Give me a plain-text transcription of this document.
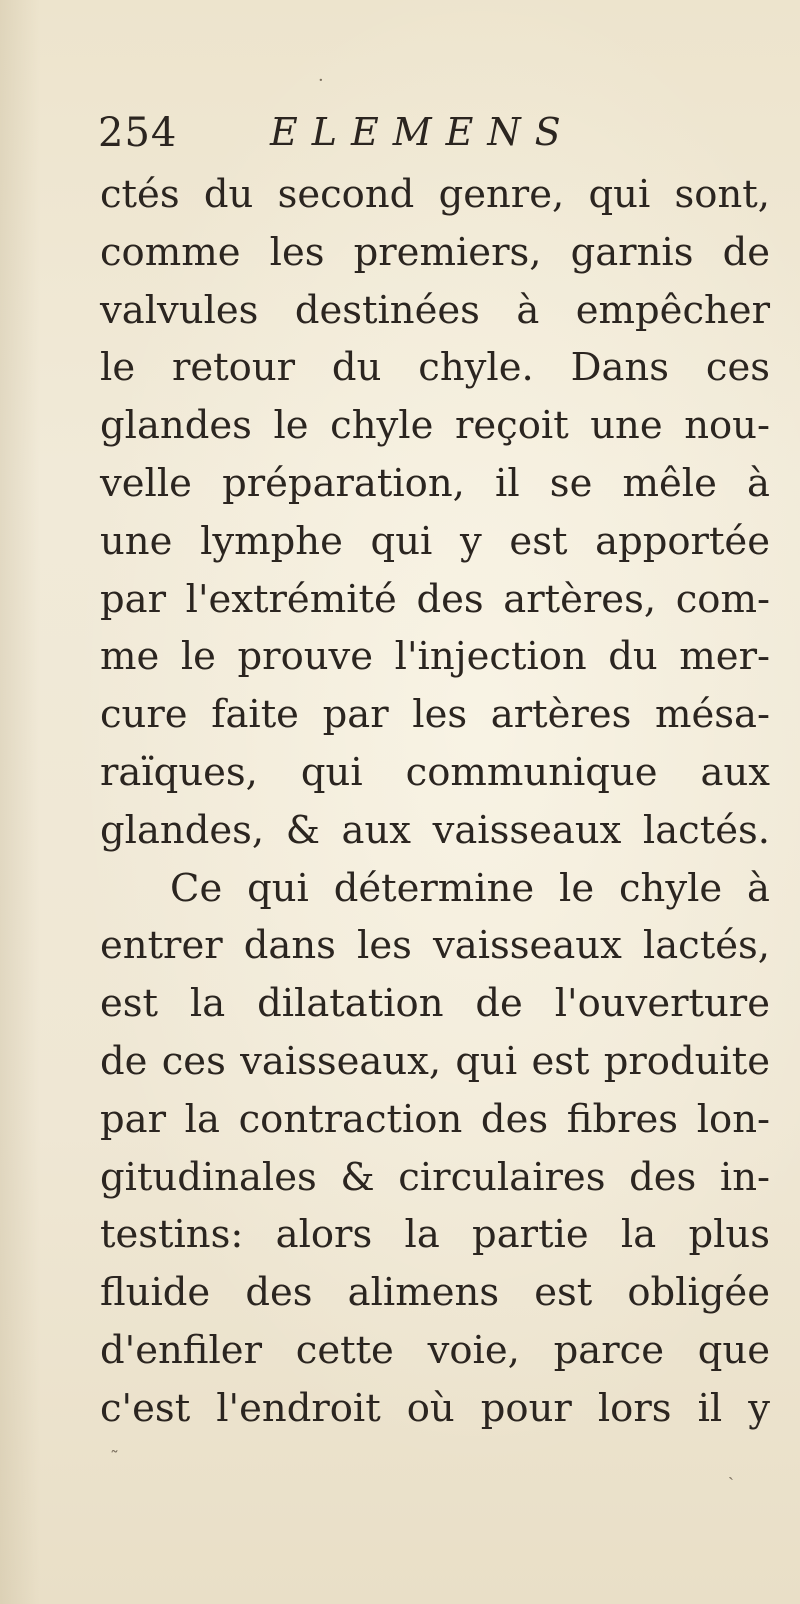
254 ELEMENS
ctés du second genre, qui sont,
comme les premiers, garnis de
valvules destinées à empêcher
le retour du chyle. Dans ces
glandes le chyle reçoit une nou-
velle préparation, il se mêle à
une lymphe qui y est apportée
par l'extrémité des artères, com-
me le prouve l'injection du mer-
cure faite par les artères mésa-
raïques, qui communique aux
glandes, & aux vaisseaux lactés.
Ce qui détermine le chyle à
entrer dans les vaisseaux lactés,
est la dilatation de l'ouverture
de ces vaisseaux, qui est produite
par la contraction des fibres lon-
gitudinales & circulaires des in-
testins: alors la partie la plus
fluide des alimens est obligée
d'enfiler cette voie, parce que
c'est l'endroit où pour lors il y
·
˜
ˏ
